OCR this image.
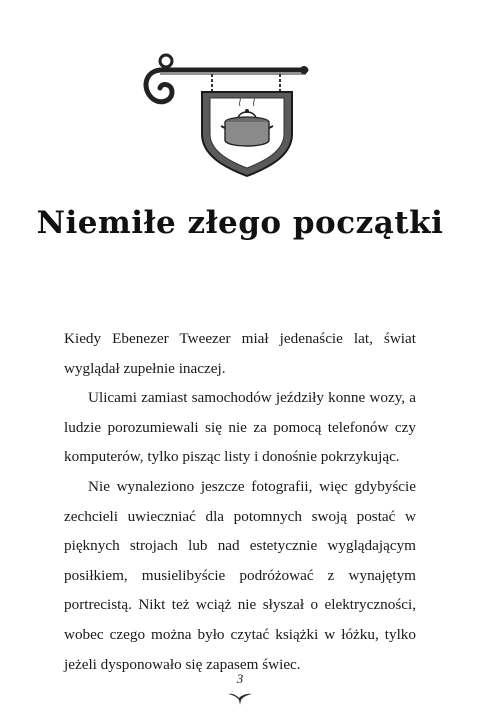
Niemiłe złego początki

Kiedy Ebenezer Tweezer miał jedenaście lat, świat wyglądał zupełnie inaczej.

Ulicami zamiast samochodów jeździły konne wozy, a ludzie porozumiewali się nie za pomocą telefonów czy komputerów, tylko pisząc listy i donośnie pokrzykując.

Nie wynaleziono jeszcze fotografii, więc gdybyście zechcieli uwieczniać dla potomnych swoją postać w pięknych strojach lub nad estetycznie wyglądającym posiłkiem, musielibyście podróżować z wynajętym portrecistą. Nikt też wciąż nie słyszał o elektryczności, wobec czego można było czytać książki w łóżku, tylko jeżeli dysponowało się zapasem świec.

3
